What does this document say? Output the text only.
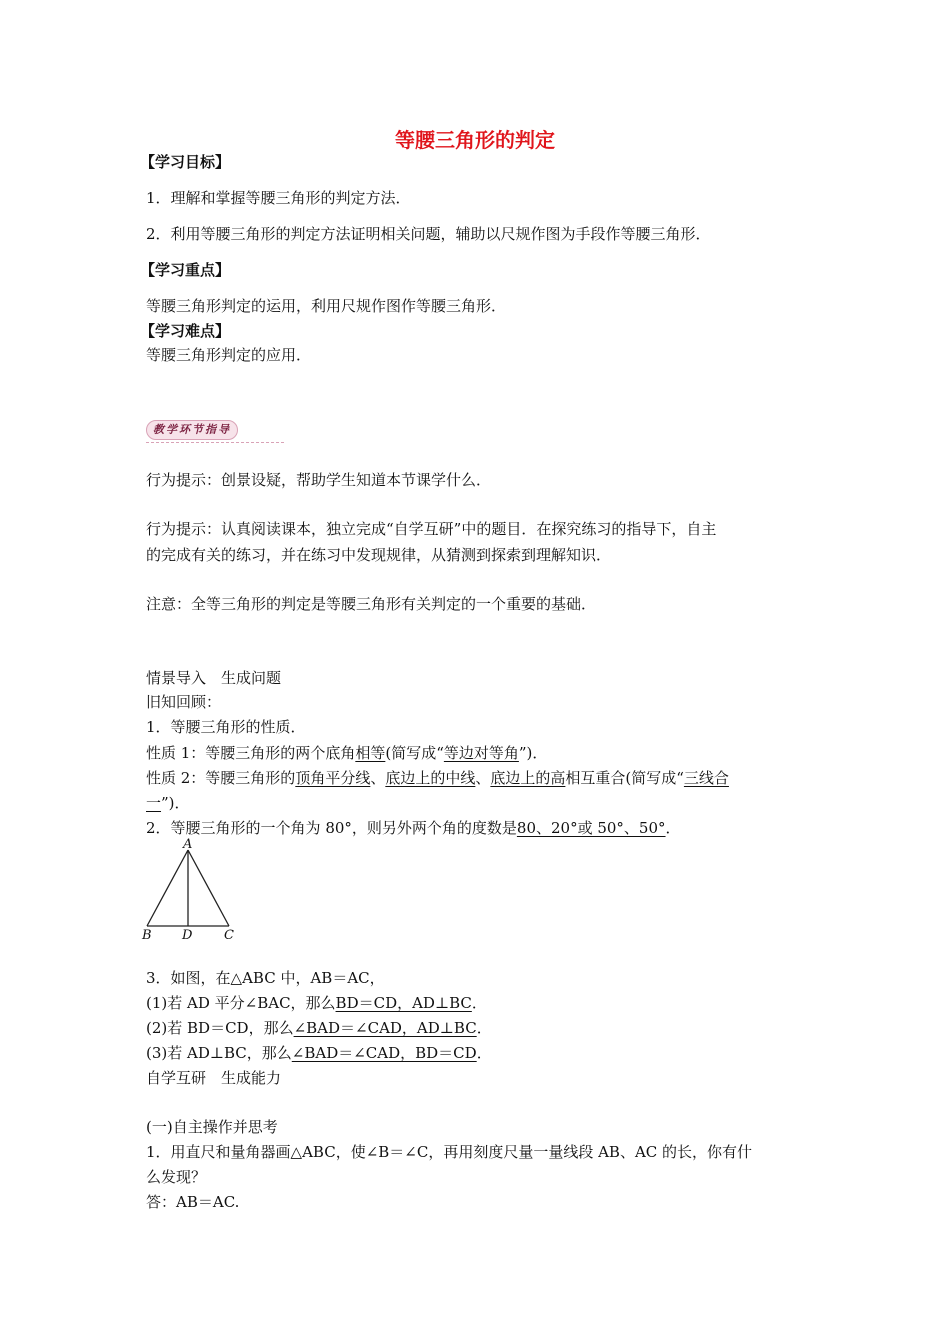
等腰三角形的判定
【学习目标】
1．理解和掌握等腰三角形的判定方法．
2．利用等腰三角形的判定方法证明相关问题，辅助以尺规作图为手段作等腰三角形．
【学习重点】
等腰三角形判定的运用，利用尺规作图作等腰三角形．
【学习难点】
等腰三角形判定的应用．
教学环节指导
行为提示：创景设疑，帮助学生知道本节课学什么．
行为提示：认真阅读课本，独立完成“自学互研”中的题目．在探究练习的指导下，自主
的完成有关的练习，并在练习中发现规律，从猜测到探索到理解知识．
注意：全等三角形的判定是等腰三角形有关判定的一个重要的基础．
情景导入　生成问题
旧知回顾：
1．等腰三角形的性质．
性质 1：等腰三角形的两个底角相等(简写成“等边对等角”)．
性质 2：等腰三角形的顶角平分线、底边上的中线、底边上的高相互重合(简写成“三线合
一”)．
2．等腰三角形的一个角为 80°，则另外两个角的度数是80、20°或 50°、50°．
A
B D C
3．如图，在△ABC 中，AB＝AC，
(1)若 AD 平分∠BAC，那么BD＝CD，AD⊥BC．
(2)若 BD＝CD，那么∠BAD＝∠CAD，AD⊥BC．
(3)若 AD⊥BC，那么∠BAD＝∠CAD，BD＝CD．
自学互研　生成能力
(一)自主操作并思考
1．用直尺和量角器画△ABC，使∠B＝∠C，再用刻度尺量一量线段 AB、AC 的长，你有什
么发现？
答：AB＝AC.
